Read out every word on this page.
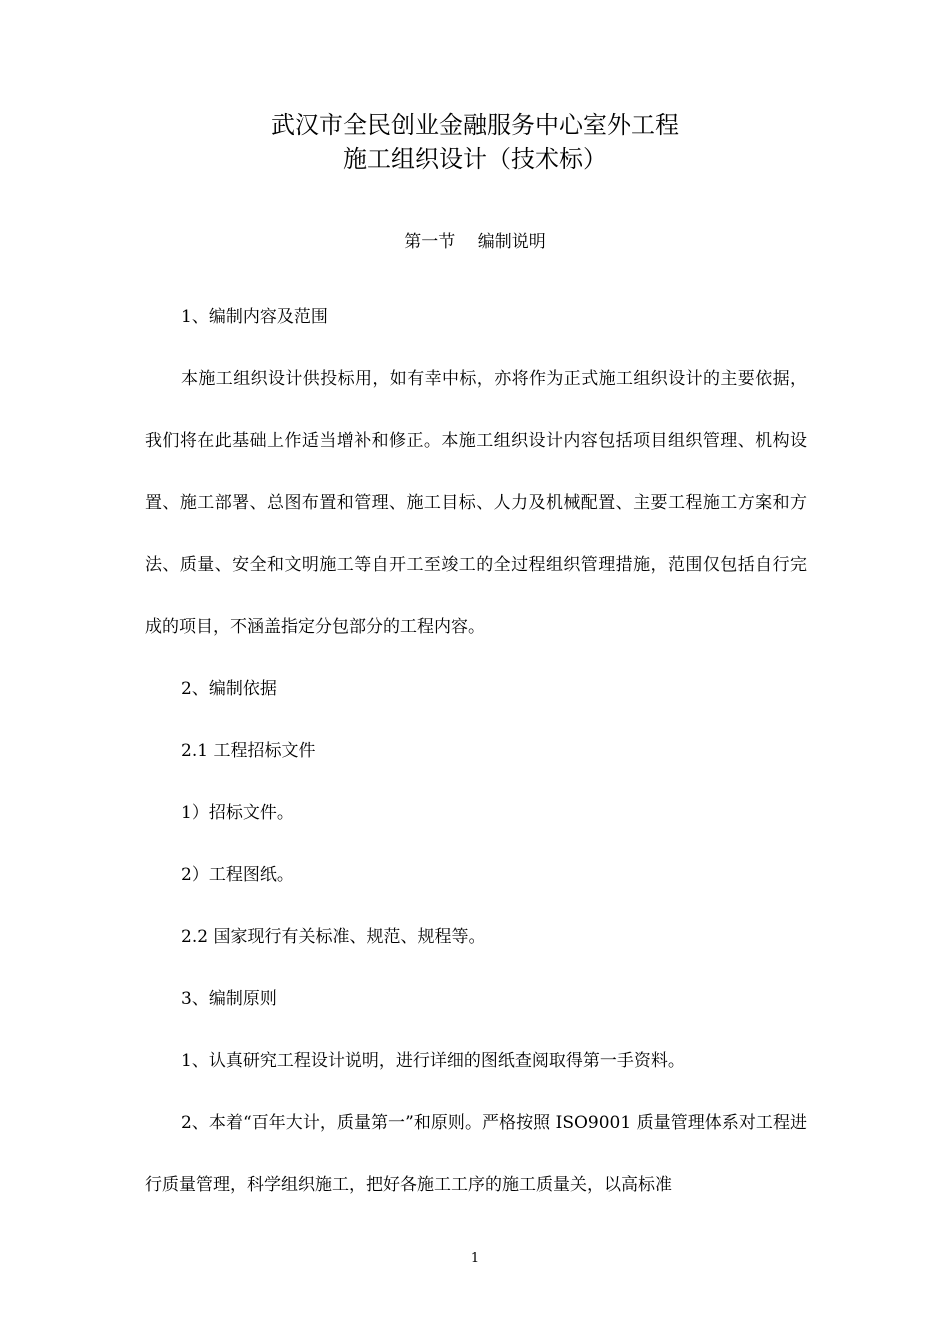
武汉市全民创业金融服务中心室外工程
施工组织设计（技术标）
第一节　 编制说明

1、编制内容及范围

本施工组织设计供投标用，如有幸中标，亦将作为正式施工组织设计的主要依据，我们将在此基础上作适当增补和修正。本施工组织设计内容包括项目组织管理、机构设置、施工部署、总图布置和管理、施工目标、人力及机械配置、主要工程施工方案和方法、质量、安全和文明施工等自开工至竣工的全过程组织管理措施，范围仅包括自行完成的项目，不涵盖指定分包部分的工程内容。

2、编制依据

2.1 工程招标文件

1）招标文件。

2）工程图纸。

2.2 国家现行有关标准、规范、规程等。

3、编制原则

1、认真研究工程设计说明，进行详细的图纸查阅取得第一手资料。

2、本着“百年大计，质量第一”和原则。严格按照 ISO9001 质量管理体系对工程进行质量管理，科学组织施工，把好各施工工序的施工质量关，以高标准

1
